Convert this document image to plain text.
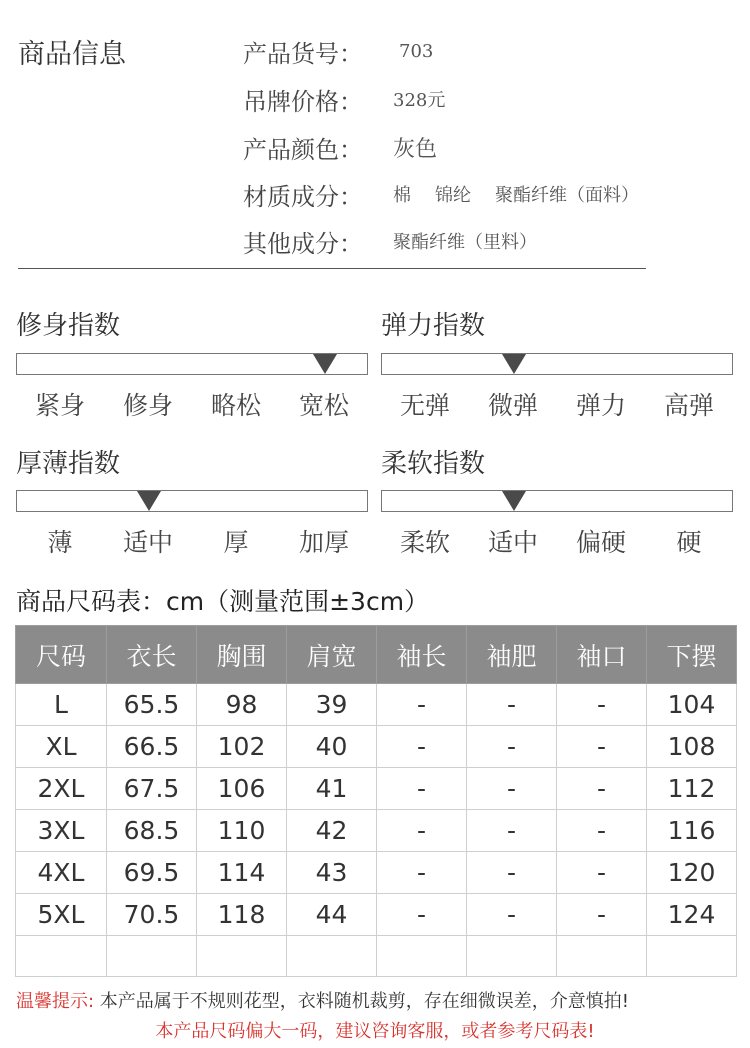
商品信息	产品货号：	703
吊牌价格：	328元
产品颜色：	灰色
材质成分：	棉 锦纶 聚酯纤维（面料）
其他成分：	聚酯纤维（里料）
修身指数
紧身	修身	略松	宽松
弹力指数
无弹	微弹	弹力	高弹
厚薄指数
薄	适中	厚	加厚
柔软指数
柔软	适中	偏硬	硬
商品尺码表：cm（测量范围±3cm）
尺码	衣长	胸围	肩宽	袖长	袖肥	袖口	下摆
L	65.5	98	39	-	-	-	104
XL	66.5	102	40	-	-	-	108
2XL	67.5	106	41	-	-	-	112
3XL	68.5	110	42	-	-	-	116
4XL	69.5	114	43	-	-	-	120
5XL	70.5	118	44	-	-	-	124

温馨提示: 本产品属于不规则花型，衣料随机裁剪，存在细微误差，介意慎拍!
本产品尺码偏大一码，建议咨询客服，或者参考尺码表!
